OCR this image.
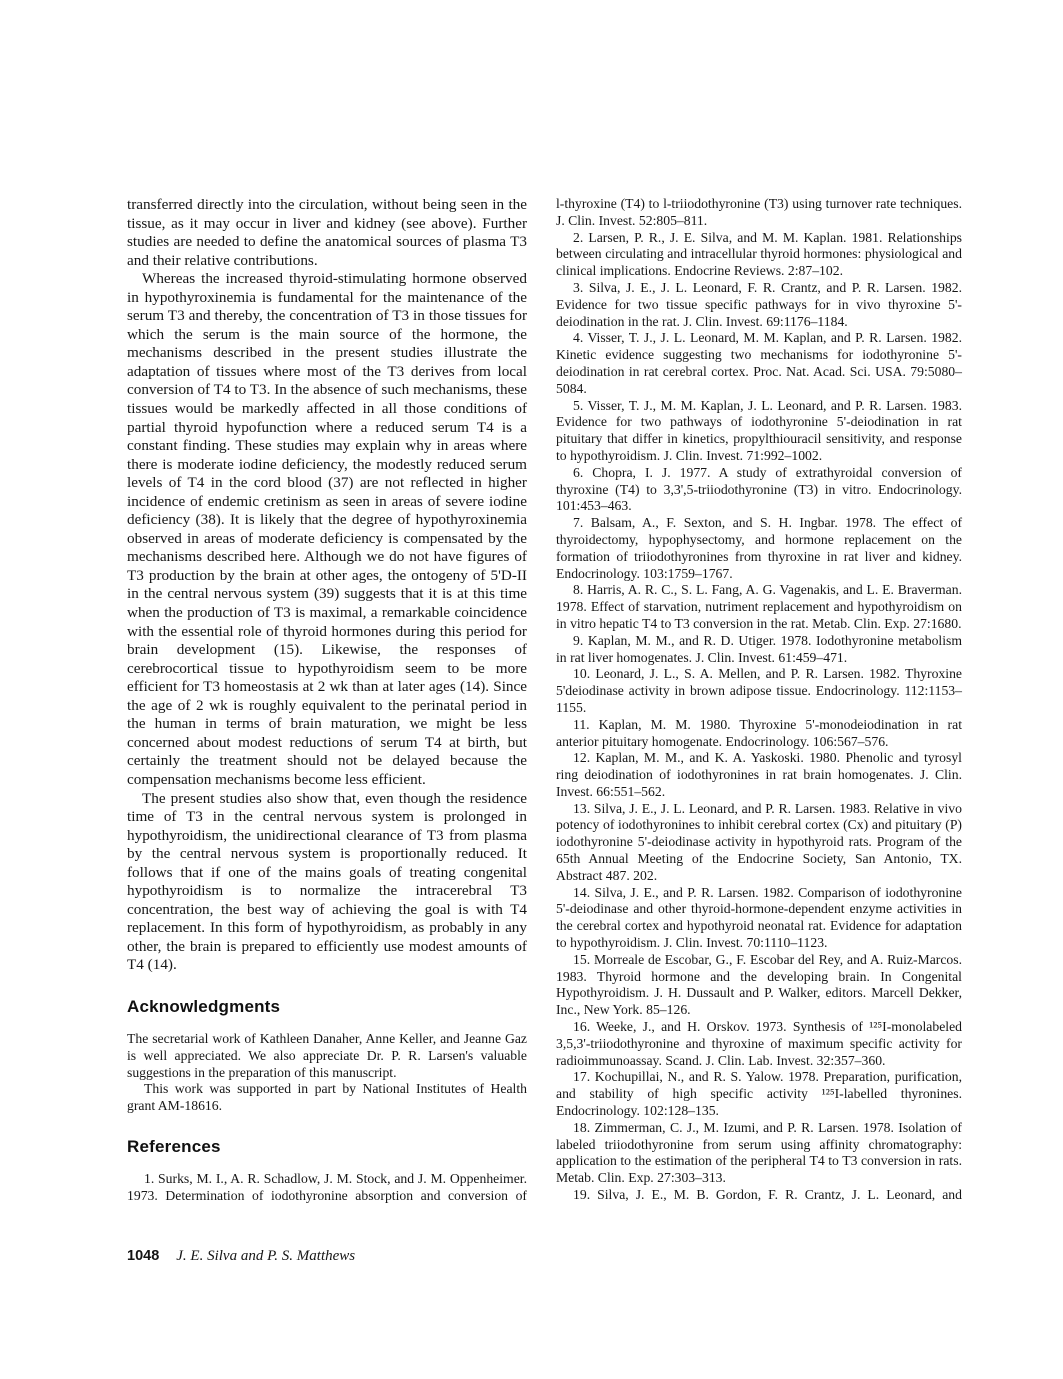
transferred directly into the circulation, without being seen in the tissue, as it may occur in liver and kidney (see above). Further studies are needed to define the anatomical sources of plasma T3 and their relative contributions.

Whereas the increased thyroid-stimulating hormone observed in hypothyroxinemia is fundamental for the maintenance of the serum T3 and thereby, the concentration of T3 in those tissues for which the serum is the main source of the hormone, the mechanisms described in the present studies illustrate the adaptation of tissues where most of the T3 derives from local conversion of T4 to T3. In the absence of such mechanisms, these tissues would be markedly affected in all those conditions of partial thyroid hypofunction where a reduced serum T4 is a constant finding. These studies may explain why in areas where there is moderate iodine deficiency, the modestly reduced serum levels of T4 in the cord blood (37) are not reflected in higher incidence of endemic cretinism as seen in areas of severe iodine deficiency (38). It is likely that the degree of hypothyroxinemia observed in areas of moderate deficiency is compensated by the mechanisms described here. Although we do not have figures of T3 production by the brain at other ages, the ontogeny of 5'D-II in the central nervous system (39) suggests that it is at this time when the production of T3 is maximal, a remarkable coincidence with the essential role of thyroid hormones during this period for brain development (15). Likewise, the responses of cerebrocortical tissue to hypothyroidism seem to be more efficient for T3 homeostasis at 2 wk than at later ages (14). Since the age of 2 wk is roughly equivalent to the perinatal period in the human in terms of brain maturation, we might be less concerned about modest reductions of serum T4 at birth, but certainly the treatment should not be delayed because the compensation mechanisms become less efficient.

The present studies also show that, even though the residence time of T3 in the central nervous system is prolonged in hypothyroidism, the unidirectional clearance of T3 from plasma by the central nervous system is proportionally reduced. It follows that if one of the mains goals of treating congenital hypothyroidism is to normalize the intracerebral T3 concentration, the best way of achieving the goal is with T4 replacement. In this form of hypothyroidism, as probably in any other, the brain is prepared to efficiently use modest amounts of T4 (14).

Acknowledgments

The secretarial work of Kathleen Danaher, Anne Keller, and Jeanne Gaz is well appreciated. We also appreciate Dr. P. R. Larsen's valuable suggestions in the preparation of this manuscript.

This work was supported in part by National Institutes of Health grant AM-18616.

References

1. Surks, M. I., A. R. Schadlow, J. M. Stock, and J. M. Oppenheimer. 1973. Determination of iodothyronine absorption and conversion of

l-thyroxine (T4) to l-triiodothyronine (T3) using turnover rate techniques. J. Clin. Invest. 52:805–811.

2. Larsen, P. R., J. E. Silva, and M. M. Kaplan. 1981. Relationships between circulating and intracellular thyroid hormones: physiological and clinical implications. Endocrine Reviews. 2:87–102.

3. Silva, J. E., J. L. Leonard, F. R. Crantz, and P. R. Larsen. 1982. Evidence for two tissue specific pathways for in vivo thyroxine 5'-deiodination in the rat. J. Clin. Invest. 69:1176–1184.

4. Visser, T. J., J. L. Leonard, M. M. Kaplan, and P. R. Larsen. 1982. Kinetic evidence suggesting two mechanisms for iodothyronine 5'-deiodination in rat cerebral cortex. Proc. Nat. Acad. Sci. USA. 79:5080–5084.

5. Visser, T. J., M. M. Kaplan, J. L. Leonard, and P. R. Larsen. 1983. Evidence for two pathways of iodothyronine 5'-deiodination in rat pituitary that differ in kinetics, propylthiouracil sensitivity, and response to hypothyroidism. J. Clin. Invest. 71:992–1002.

6. Chopra, I. J. 1977. A study of extrathyroidal conversion of thyroxine (T4) to 3,3',5-triiodothyronine (T3) in vitro. Endocrinology. 101:453–463.

7. Balsam, A., F. Sexton, and S. H. Ingbar. 1978. The effect of thyroidectomy, hypophysectomy, and hormone replacement on the formation of triiodothyronines from thyroxine in rat liver and kidney. Endocrinology. 103:1759–1767.

8. Harris, A. R. C., S. L. Fang, A. G. Vagenakis, and L. E. Braverman. 1978. Effect of starvation, nutriment replacement and hypothyroidism on in vitro hepatic T4 to T3 conversion in the rat. Metab. Clin. Exp. 27:1680.

9. Kaplan, M. M., and R. D. Utiger. 1978. Iodothyronine metabolism in rat liver homogenates. J. Clin. Invest. 61:459–471.

10. Leonard, J. L., S. A. Mellen, and P. R. Larsen. 1982. Thyroxine 5'deiodinase activity in brown adipose tissue. Endocrinology. 112:1153–1155.

11. Kaplan, M. M. 1980. Thyroxine 5'-monodeiodination in rat anterior pituitary homogenate. Endocrinology. 106:567–576.

12. Kaplan, M. M., and K. A. Yaskoski. 1980. Phenolic and tyrosyl ring deiodination of iodothyronines in rat brain homogenates. J. Clin. Invest. 66:551–562.

13. Silva, J. E., J. L. Leonard, and P. R. Larsen. 1983. Relative in vivo potency of iodothyronines to inhibit cerebral cortex (Cx) and pituitary (P) iodothyronine 5'-deiodinase activity in hypothyroid rats. Program of the 65th Annual Meeting of the Endocrine Society, San Antonio, TX. Abstract 487. 202.

14. Silva, J. E., and P. R. Larsen. 1982. Comparison of iodothyronine 5'-deiodinase and other thyroid-hormone-dependent enzyme activities in the cerebral cortex and hypothyroid neonatal rat. Evidence for adaptation to hypothyroidism. J. Clin. Invest. 70:1110–1123.

15. Morreale de Escobar, G., F. Escobar del Rey, and A. Ruiz-Marcos. 1983. Thyroid hormone and the developing brain. In Congenital Hypothyroidism. J. H. Dussault and P. Walker, editors. Marcell Dekker, Inc., New York. 85–126.

16. Weeke, J., and H. Orskov. 1973. Synthesis of ¹²⁵I-monolabeled 3,5,3'-triiodothyronine and thyroxine of maximum specific activity for radioimmunoassay. Scand. J. Clin. Lab. Invest. 32:357–360.

17. Kochupillai, N., and R. S. Yalow. 1978. Preparation, purification, and stability of high specific activity ¹²⁵I-labelled thyronines. Endocrinology. 102:128–135.

18. Zimmerman, C. J., M. Izumi, and P. R. Larsen. 1978. Isolation of labeled triiodothyronine from serum using affinity chromatography: application to the estimation of the peripheral T4 to T3 conversion in rats. Metab. Clin. Exp. 27:303–313.

19. Silva, J. E., M. B. Gordon, F. R. Crantz, J. L. Leonard, and

1048 J. E. Silva and P. S. Matthews
